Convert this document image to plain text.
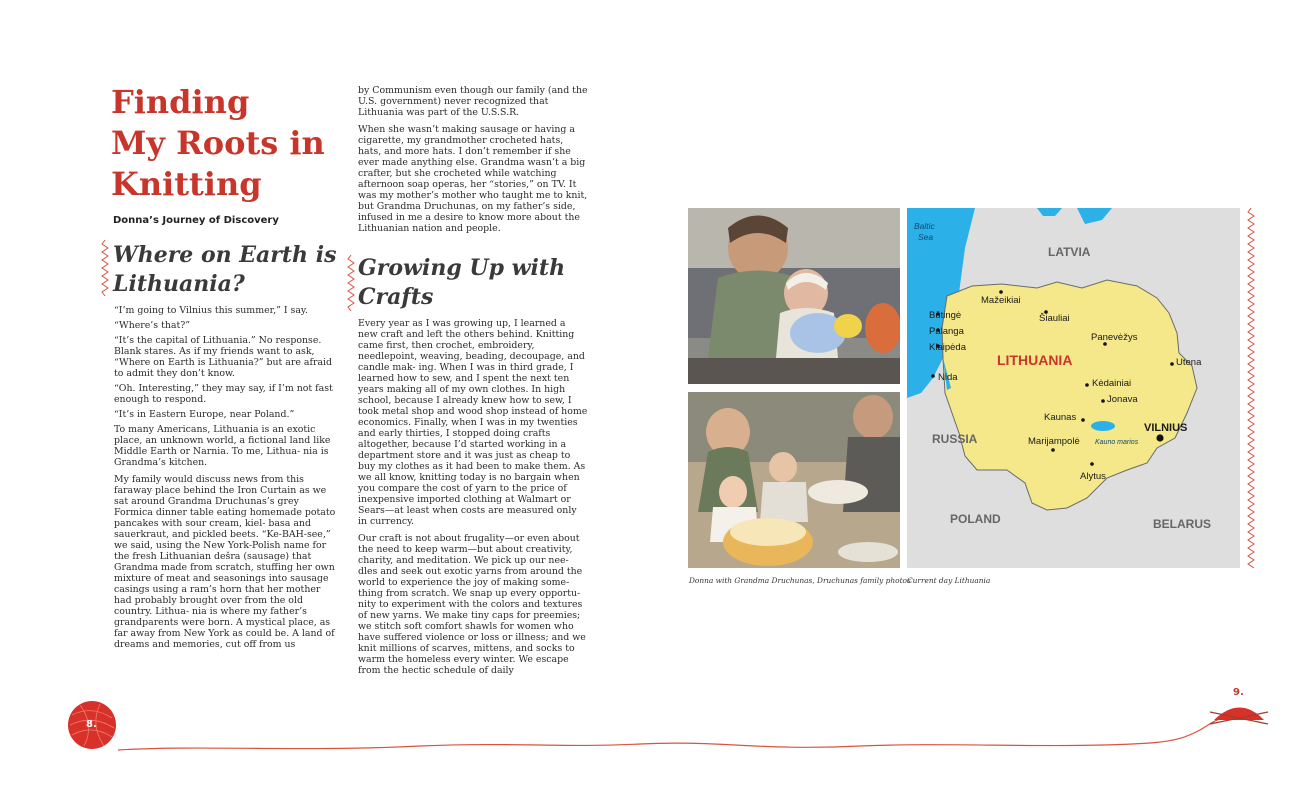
Finding
My Roots in
Knitting
Donna’s Journey of Discovery
Where on Earth is
Lithuania?

“I’m going to Vilnius this summer,” I say.

“Where’s that?”

“It’s the capital of Lithuania.” No response. Blank stares. As if my friends want to ask, “Where on Earth is Lithuania?” but are afraid to admit they don’t know.

“Oh. Interesting,” they may say, if I’m not fast enough to respond.

“It’s in Eastern Europe, near Poland.”

To many Americans, Lithuania is an exotic place, an unknown world, a fictional land like Middle Earth or Narnia. To me, Lithua- nia is Grandma’s kitchen.

My family would discuss news from this faraway place behind the Iron Curtain as we sat around Grandma Druchunas’s grey Formica dinner table eating homemade potato pancakes with sour cream, kiel- basa and sauerkraut, and pickled beets. “Ke-BAH-see,” we said, using the New York-Polish name for the fresh Lithuanian dešra (sausage) that Grandma made from scratch, stuffing her own mixture of meat and seasonings into sausage casings using a ram’s horn that her mother had probably brought over from the old country. Lithua- nia is where my father’s grandparents were born. A mystical place, as far away from New York as could be. A land of dreams and memories, cut off from us

by Communism even though our family (and the U.S. government) never recognized that Lithuania was part of the U.S.S.R.

When she wasn’t making sausage or having a cigarette, my grandmother crocheted hats, hats, and more hats. I don’t remember if she ever made anything else. Grandma wasn’t a big crafter, but she crocheted while watching afternoon soap operas, her “stories,” on TV. It was my mother’s mother who taught me to knit, but Grandma Druchunas, on my father’s side, infused in me a desire to know more about the Lithuanian nation and people.

Growing Up with
Crafts

Every year as I was growing up, I learned a new craft and left the others behind. Knitting came first, then crochet, embroidery, needlepoint, weaving, beading, decoupage, and candle mak- ing. When I was in third grade, I learned how to sew, and I spent the next ten years making all of my own clothes. In high school, because I already knew how to sew, I took metal shop and wood shop instead of home economics. Finally, when I was in my twenties and early thirties, I stopped doing crafts altogether, because I’d started working in a department store and it was just as cheap to buy my clothes as it had been to make them. As we all know, knitting today is no bargain when you compare the cost of yarn to the price of inexpensive imported clothing at Walmart or Sears—at least when costs are measured only in currency.

Our craft is not about frugality—or even about the need to keep warm—but about creativity, charity, and meditation. We pick up our nee- dles and seek out exotic yarns from around the world to experience the joy of making some- thing from scratch. We snap up every opportu- nity to experiment with the colors and textures of new yarns. We make tiny caps for preemies; we stitch soft comfort shawls for women who have suffered violence or loss or illness; and we knit millions of scarves, mittens, and socks to warm the homeless every winter. We escape from the hectic schedule of daily

Baltic
Sea
LATVIA
RUSSIA
POLAND	BELARUS
LITHUANIA
Mažeikiai
Šiauliai
Būtingė
Palanga
Klaipėda
Panevėžys
Utena
Nida
Kėdainiai
Jonava
Kaunas
Marijampolė
Alytus
Kauno marios
VILNIUS
Donna with Grandma Druchunas, Druchunas family photos
Current day Lithuania
8.
9.
